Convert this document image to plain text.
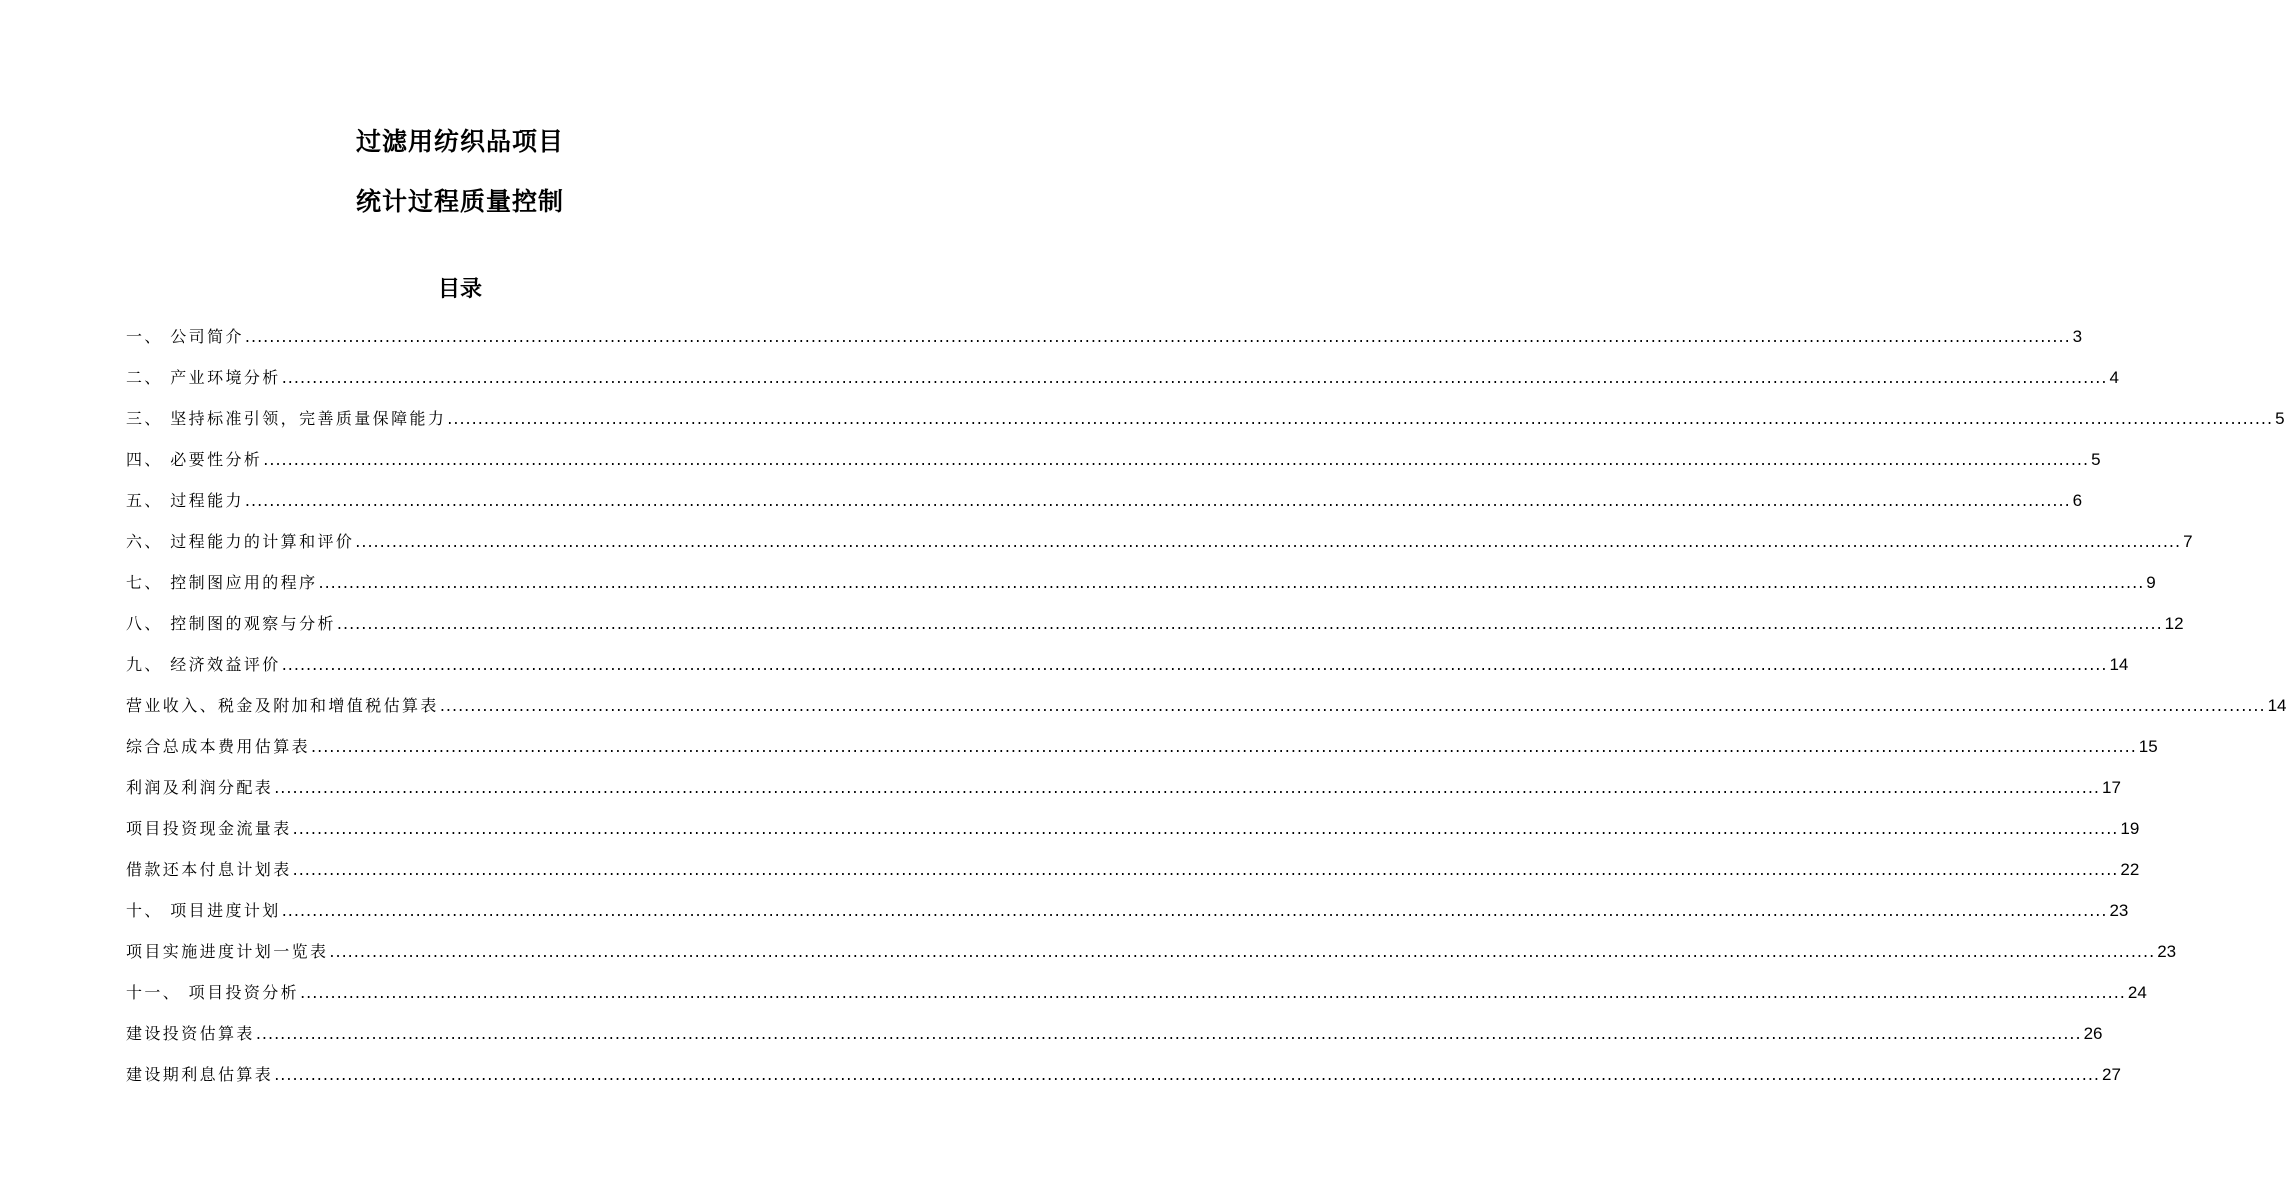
过滤用纺织品项目
统计过程质量控制
目录
一、 公司简介 ............................................................................................................................................................................................................................................................................................................ 3
二、 产业环境分析 ............................................................................................................................................................................................................................................................................................................ 4
三、 坚持标准引领，完善质量保障能力 ............................................................................................................................................................................................................................................................................................................ 5
四、 必要性分析 ............................................................................................................................................................................................................................................................................................................ 5
五、 过程能力 ............................................................................................................................................................................................................................................................................................................ 6
六、 过程能力的计算和评价 ............................................................................................................................................................................................................................................................................................................ 7
七、 控制图应用的程序 ............................................................................................................................................................................................................................................................................................................ 9
八、 控制图的观察与分析 ............................................................................................................................................................................................................................................................................................................ 12
九、 经济效益评价 ............................................................................................................................................................................................................................................................................................................ 14
营业收入、税金及附加和增值税估算表 ............................................................................................................................................................................................................................................................................................................ 14
综合总成本费用估算表 ............................................................................................................................................................................................................................................................................................................ 15
利润及利润分配表 ............................................................................................................................................................................................................................................................................................................ 17
项目投资现金流量表 ............................................................................................................................................................................................................................................................................................................ 19
借款还本付息计划表 ............................................................................................................................................................................................................................................................................................................ 22
十、 项目进度计划 ............................................................................................................................................................................................................................................................................................................ 23
项目实施进度计划一览表 ............................................................................................................................................................................................................................................................................................................ 23
十一、 项目投资分析 ............................................................................................................................................................................................................................................................................................................ 24
建设投资估算表 ............................................................................................................................................................................................................................................................................................................ 26
建设期利息估算表 ............................................................................................................................................................................................................................................................................................................ 27
